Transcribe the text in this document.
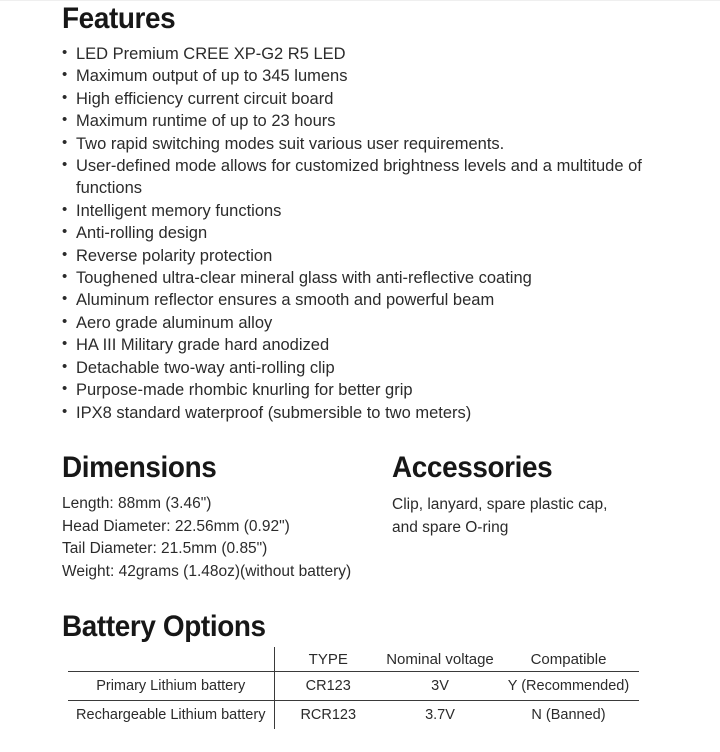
Features
• LED Premium CREE XP-G2 R5 LED
• Maximum output of up to 345 lumens
• High efficiency current circuit board
• Maximum runtime of up to 23 hours
• Two rapid switching modes suit various user requirements.
• User-defined mode allows for customized brightness levels and a multitude of functions
• Intelligent memory functions
• Anti-rolling design
• Reverse polarity protection
• Toughened ultra-clear mineral glass with anti-reflective coating
• Aluminum reflector ensures a smooth and powerful beam
• Aero grade aluminum alloy
• HA III Military grade hard anodized
• Detachable two-way anti-rolling clip
• Purpose-made rhombic knurling for better grip
• IPX8 standard waterproof (submersible to two meters)
Dimensions
Length: 88mm (3.46")
Head Diameter: 22.56mm (0.92")
Tail Diameter: 21.5mm (0.85")
Weight: 42grams (1.48oz)(without battery)
Accessories
Clip, lanyard, spare plastic cap,
and spare O-ring
Battery Options
	TYPE	Nominal voltage	Compatible
Primary Lithium battery	CR123	3V	Y (Recommended)
Rechargeable Lithium battery	RCR123	3.7V	N (Banned)
